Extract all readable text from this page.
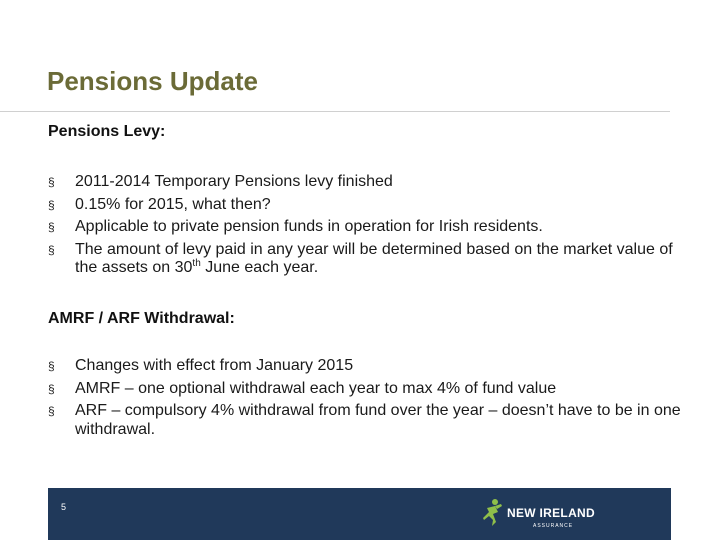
Pensions Update
Pensions Levy:
§ 2011-2014 Temporary Pensions levy finished
§ 0.15% for 2015, what then?
§ Applicable to private pension funds in operation for Irish residents.
§ The amount of levy paid in any year will be determined based on the market value of the assets on 30th June each year.
AMRF / ARF Withdrawal:
§ Changes with effect from January 2015
§ AMRF – one optional withdrawal each year to max 4% of fund value
§ ARF – compulsory 4% withdrawal from fund over the year – doesn’t have to be in one withdrawal.
5	NEW IRELAND
ASSURANCE
